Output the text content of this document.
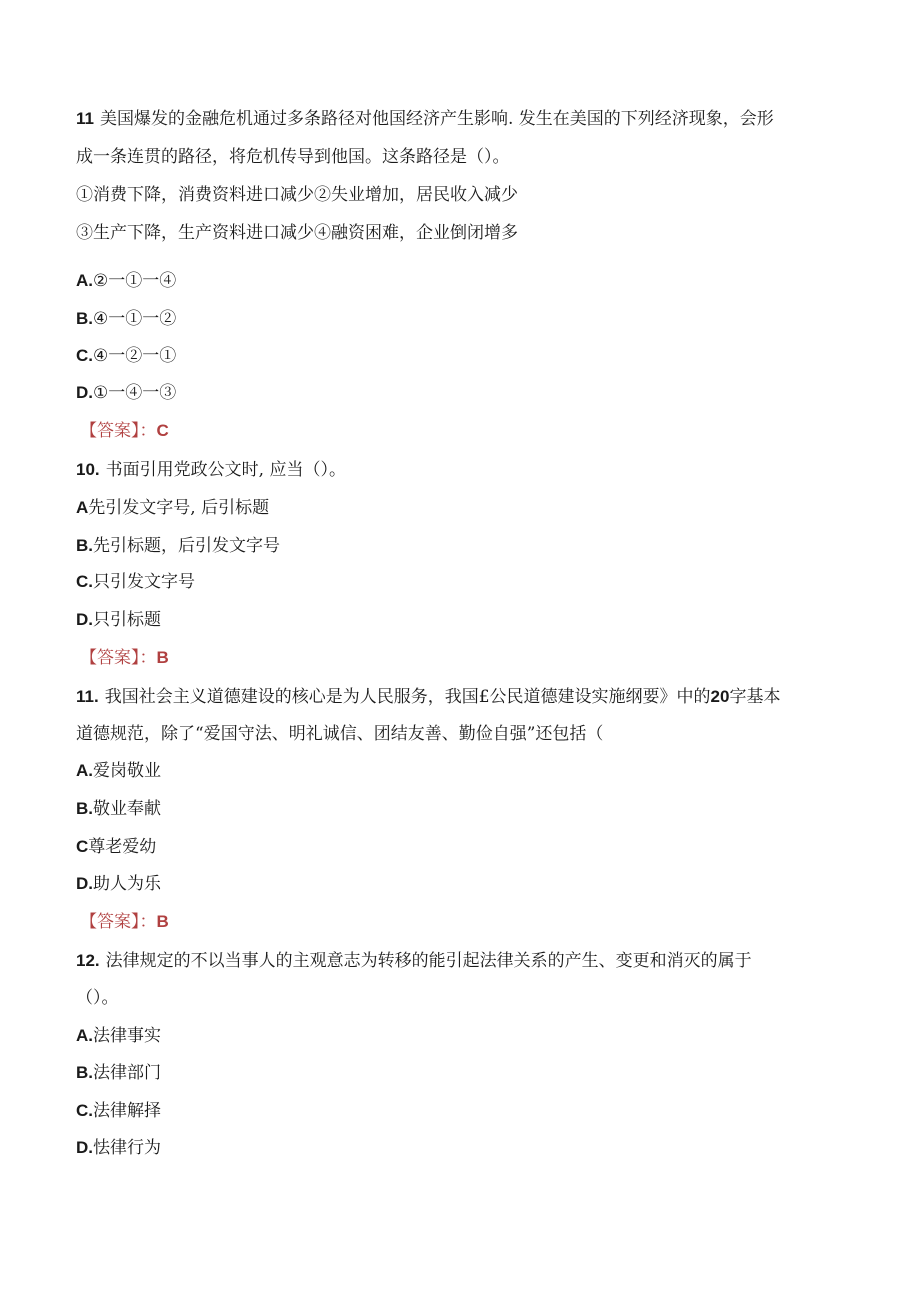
11 美国爆发的金融危机通过多条路径对他国经济产生影响. 发生在美国的下列经济现象，会形
成一条连贯的路径，将危机传导到他国。这条路径是（）。
①消费下降，消费资料进口减少②失业增加，居民收入减少
③生产下降，生产资料进口减少④融资困难，企业倒闭增多
A.②一①一④
B.④一①一②
C.④一②一①
D.①一④一③
【答案】：C
10. 书面引用党政公文时, 应当（）。
A先引发文字号, 后引标题
B.先引标题，后引发文字号
C.只引发文字号
D.只引标题
【答案】：B
11. 我国社会主义道德建设的核心是为人民服务，我国£公民道德建设实施纲要》中的20字基本
道德规范，除了“爱国守法、明礼诚信、团结友善、勤俭自强”还包括（
A.爱岗敬业
B.敬业奉献
C尊老爱幼
D.助人为乐
【答案】：B
12. 法律规定的不以当事人的主观意志为转移的能引起法律关系的产生、变更和消灭的属于
（）。
A.法律事实
B.法律部门
C.法律解择
D.怯律行为
